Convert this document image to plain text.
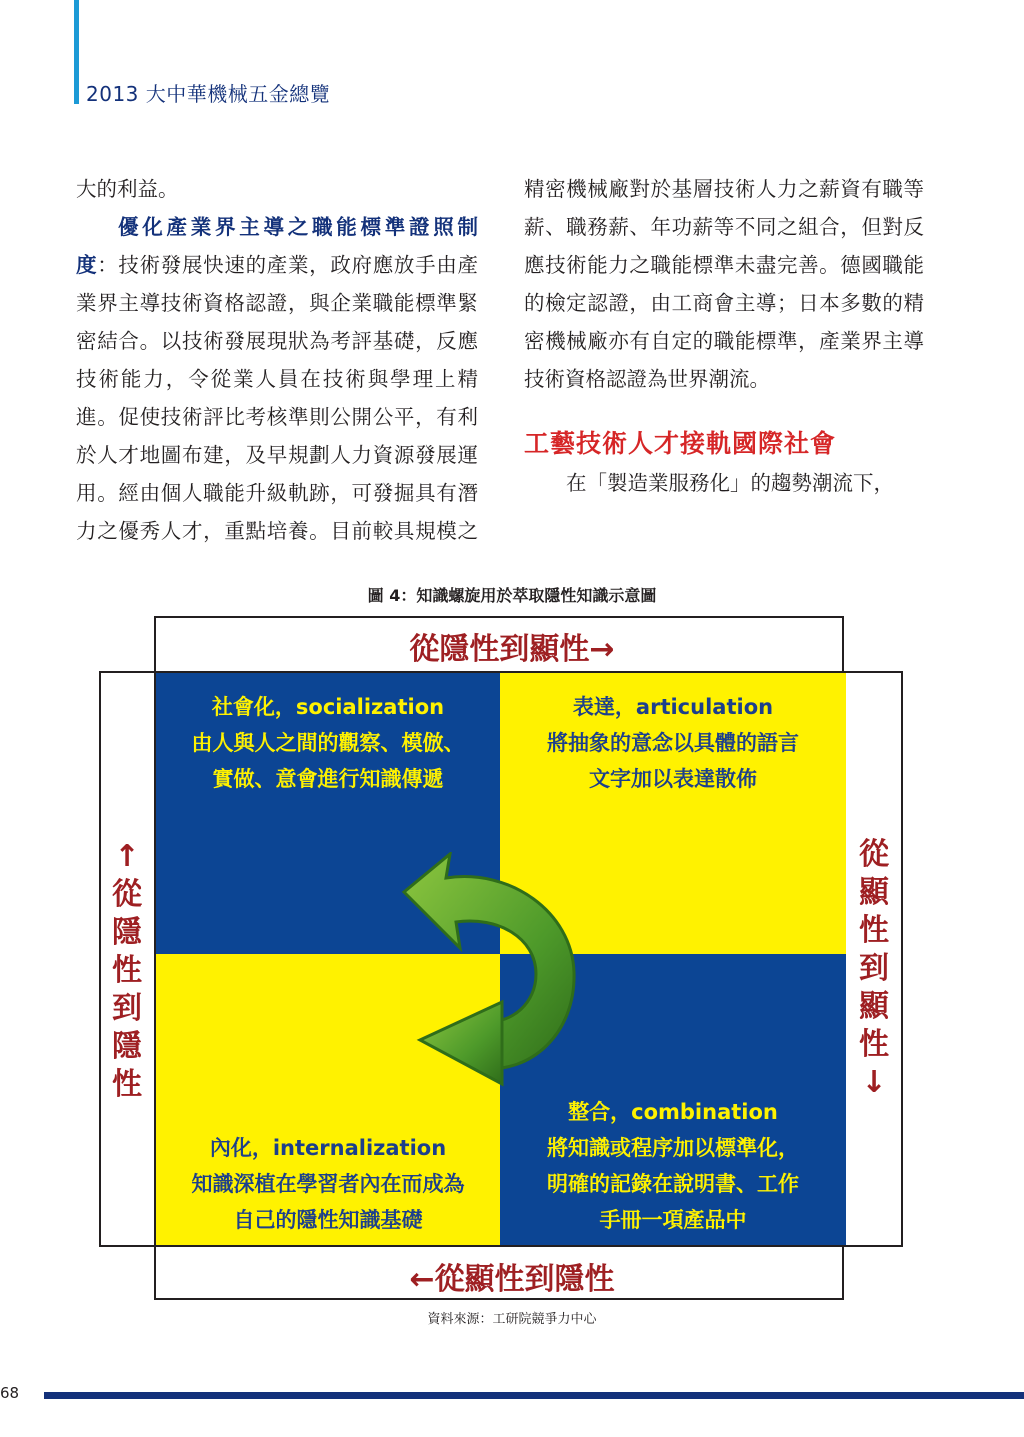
2013 大中華機械五金總覽
大的利益。
優化產業界主導之職能標準證照制
度：技術發展快速的產業，政府應放手由產
業界主導技術資格認證，與企業職能標準緊
密結合。以技術發展現狀為考評基礎，反應
技術能力，令從業人員在技術與學理上精
進。促使技術評比考核準則公開公平，有利
於人才地圖布建，及早規劃人力資源發展運
用。經由個人職能升級軌跡，可發掘具有潛
力之優秀人才，重點培養。目前較具規模之
精密機械廠對於基層技術人力之薪資有職等
薪、職務薪、年功薪等不同之組合，但對反
應技術能力之職能標準未盡完善。德國職能
的檢定認證，由工商會主導；日本多數的精
密機械廠亦有自定的職能標準，產業界主導
技術資格認證為世界潮流。

工藝技術人才接軌國際社會

在「製造業服務化」的趨勢潮流下，
圖 4：知識螺旋用於萃取隱性知識示意圖
社會化，socialization
由人與人之間的觀察、模倣、
實做、意會進行知識傳遞
表達，articulation
將抽象的意念以具體的語言
文字加以表達散佈
內化，internalization
知識深植在學習者內在而成為
自己的隱性知識基礎
整合，combination
將知識或程序加以標準化，
明確的記錄在說明書、工作
手冊一項產品中
從隱性到顯性→
←從顯性到隱性
↑
從
隱
性
到
隱
性
從
顯
性
到
顯
性
↓
資料來源：工研院競爭力中心
68
